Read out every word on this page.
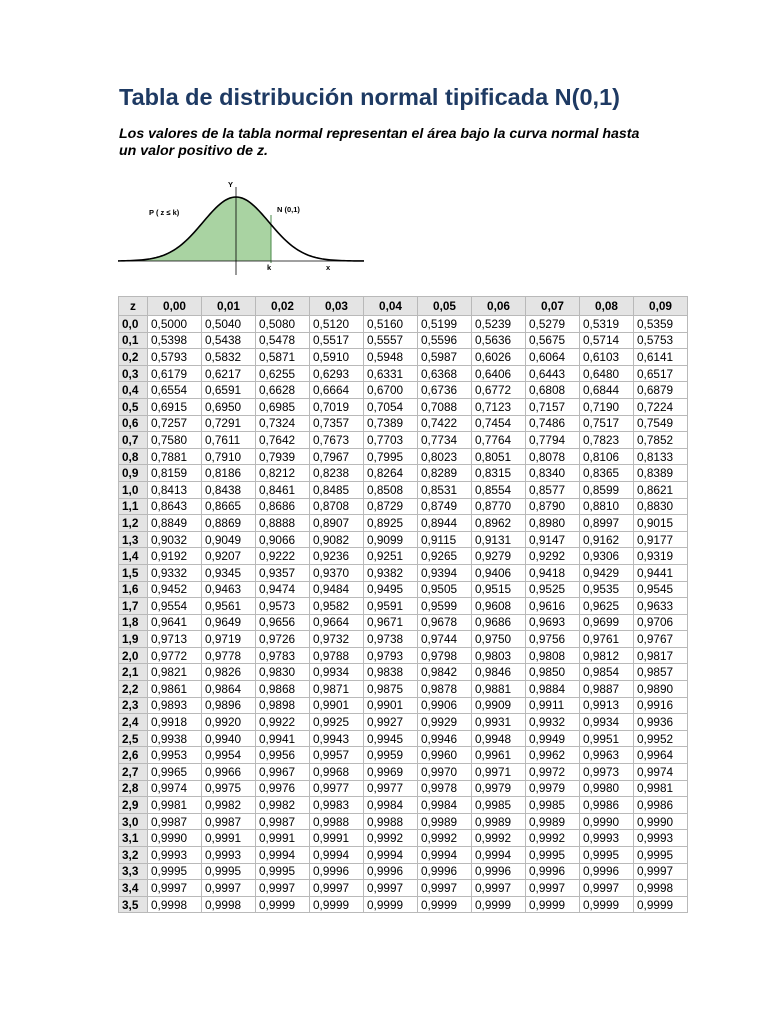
Tabla de distribución normal tipificada N(0,1)
Los valores de la tabla normal representan el área bajo la curva normal hasta un valor positivo de z.
Y
P ( z ≤ k)	N (0,1)
k	x
z	0,00	0,01	0,02	0,03	0,04	0,05	0,06	0,07	0,08	0,09
0,0	0,5000	0,5040	0,5080	0,5120	0,5160	0,5199	0,5239	0,5279	0,5319	0,5359
0,1	0,5398	0,5438	0,5478	0,5517	0,5557	0,5596	0,5636	0,5675	0,5714	0,5753
0,2	0,5793	0,5832	0,5871	0,5910	0,5948	0,5987	0,6026	0,6064	0,6103	0,6141
0,3	0,6179	0,6217	0,6255	0,6293	0,6331	0,6368	0,6406	0,6443	0,6480	0,6517
0,4	0,6554	0,6591	0,6628	0,6664	0,6700	0,6736	0,6772	0,6808	0,6844	0,6879
0,5	0,6915	0,6950	0,6985	0,7019	0,7054	0,7088	0,7123	0,7157	0,7190	0,7224
0,6	0,7257	0,7291	0,7324	0,7357	0,7389	0,7422	0,7454	0,7486	0,7517	0,7549
0,7	0,7580	0,7611	0,7642	0,7673	0,7703	0,7734	0,7764	0,7794	0,7823	0,7852
0,8	0,7881	0,7910	0,7939	0,7967	0,7995	0,8023	0,8051	0,8078	0,8106	0,8133
0,9	0,8159	0,8186	0,8212	0,8238	0,8264	0,8289	0,8315	0,8340	0,8365	0,8389
1,0	0,8413	0,8438	0,8461	0,8485	0,8508	0,8531	0,8554	0,8577	0,8599	0,8621
1,1	0,8643	0,8665	0,8686	0,8708	0,8729	0,8749	0,8770	0,8790	0,8810	0,8830
1,2	0,8849	0,8869	0,8888	0,8907	0,8925	0,8944	0,8962	0,8980	0,8997	0,9015
1,3	0,9032	0,9049	0,9066	0,9082	0,9099	0,9115	0,9131	0,9147	0,9162	0,9177
1,4	0,9192	0,9207	0,9222	0,9236	0,9251	0,9265	0,9279	0,9292	0,9306	0,9319
1,5	0,9332	0,9345	0,9357	0,9370	0,9382	0,9394	0,9406	0,9418	0,9429	0,9441
1,6	0,9452	0,9463	0,9474	0,9484	0,9495	0,9505	0,9515	0,9525	0,9535	0,9545
1,7	0,9554	0,9561	0,9573	0,9582	0,9591	0,9599	0,9608	0,9616	0,9625	0,9633
1,8	0,9641	0,9649	0,9656	0,9664	0,9671	0,9678	0,9686	0,9693	0,9699	0,9706
1,9	0,9713	0,9719	0,9726	0,9732	0,9738	0,9744	0,9750	0,9756	0,9761	0,9767
2,0	0,9772	0,9778	0,9783	0,9788	0,9793	0,9798	0,9803	0,9808	0,9812	0,9817
2,1	0,9821	0,9826	0,9830	0,9934	0,9838	0,9842	0,9846	0,9850	0,9854	0,9857
2,2	0,9861	0,9864	0,9868	0,9871	0,9875	0,9878	0,9881	0,9884	0,9887	0,9890
2,3	0,9893	0,9896	0,9898	0,9901	0,9901	0,9906	0,9909	0,9911	0,9913	0,9916
2,4	0,9918	0,9920	0,9922	0,9925	0,9927	0,9929	0,9931	0,9932	0,9934	0,9936
2,5	0,9938	0,9940	0,9941	0,9943	0,9945	0,9946	0,9948	0,9949	0,9951	0,9952
2,6	0,9953	0,9954	0,9956	0,9957	0,9959	0,9960	0,9961	0,9962	0,9963	0,9964
2,7	0,9965	0,9966	0,9967	0,9968	0,9969	0,9970	0,9971	0,9972	0,9973	0,9974
2,8	0,9974	0,9975	0,9976	0,9977	0,9977	0,9978	0,9979	0,9979	0,9980	0,9981
2,9	0,9981	0,9982	0,9982	0,9983	0,9984	0,9984	0,9985	0,9985	0,9986	0,9986
3,0	0,9987	0,9987	0,9987	0,9988	0,9988	0,9989	0,9989	0,9989	0,9990	0,9990
3,1	0,9990	0,9991	0,9991	0,9991	0,9992	0,9992	0,9992	0,9992	0,9993	0,9993
3,2	0,9993	0,9993	0,9994	0,9994	0,9994	0,9994	0,9994	0,9995	0,9995	0,9995
3,3	0,9995	0,9995	0,9995	0,9996	0,9996	0,9996	0,9996	0,9996	0,9996	0,9997
3,4	0,9997	0,9997	0,9997	0,9997	0,9997	0,9997	0,9997	0,9997	0,9997	0,9998
3,5	0,9998	0,9998	0,9999	0,9999	0,9999	0,9999	0,9999	0,9999	0,9999	0,9999
